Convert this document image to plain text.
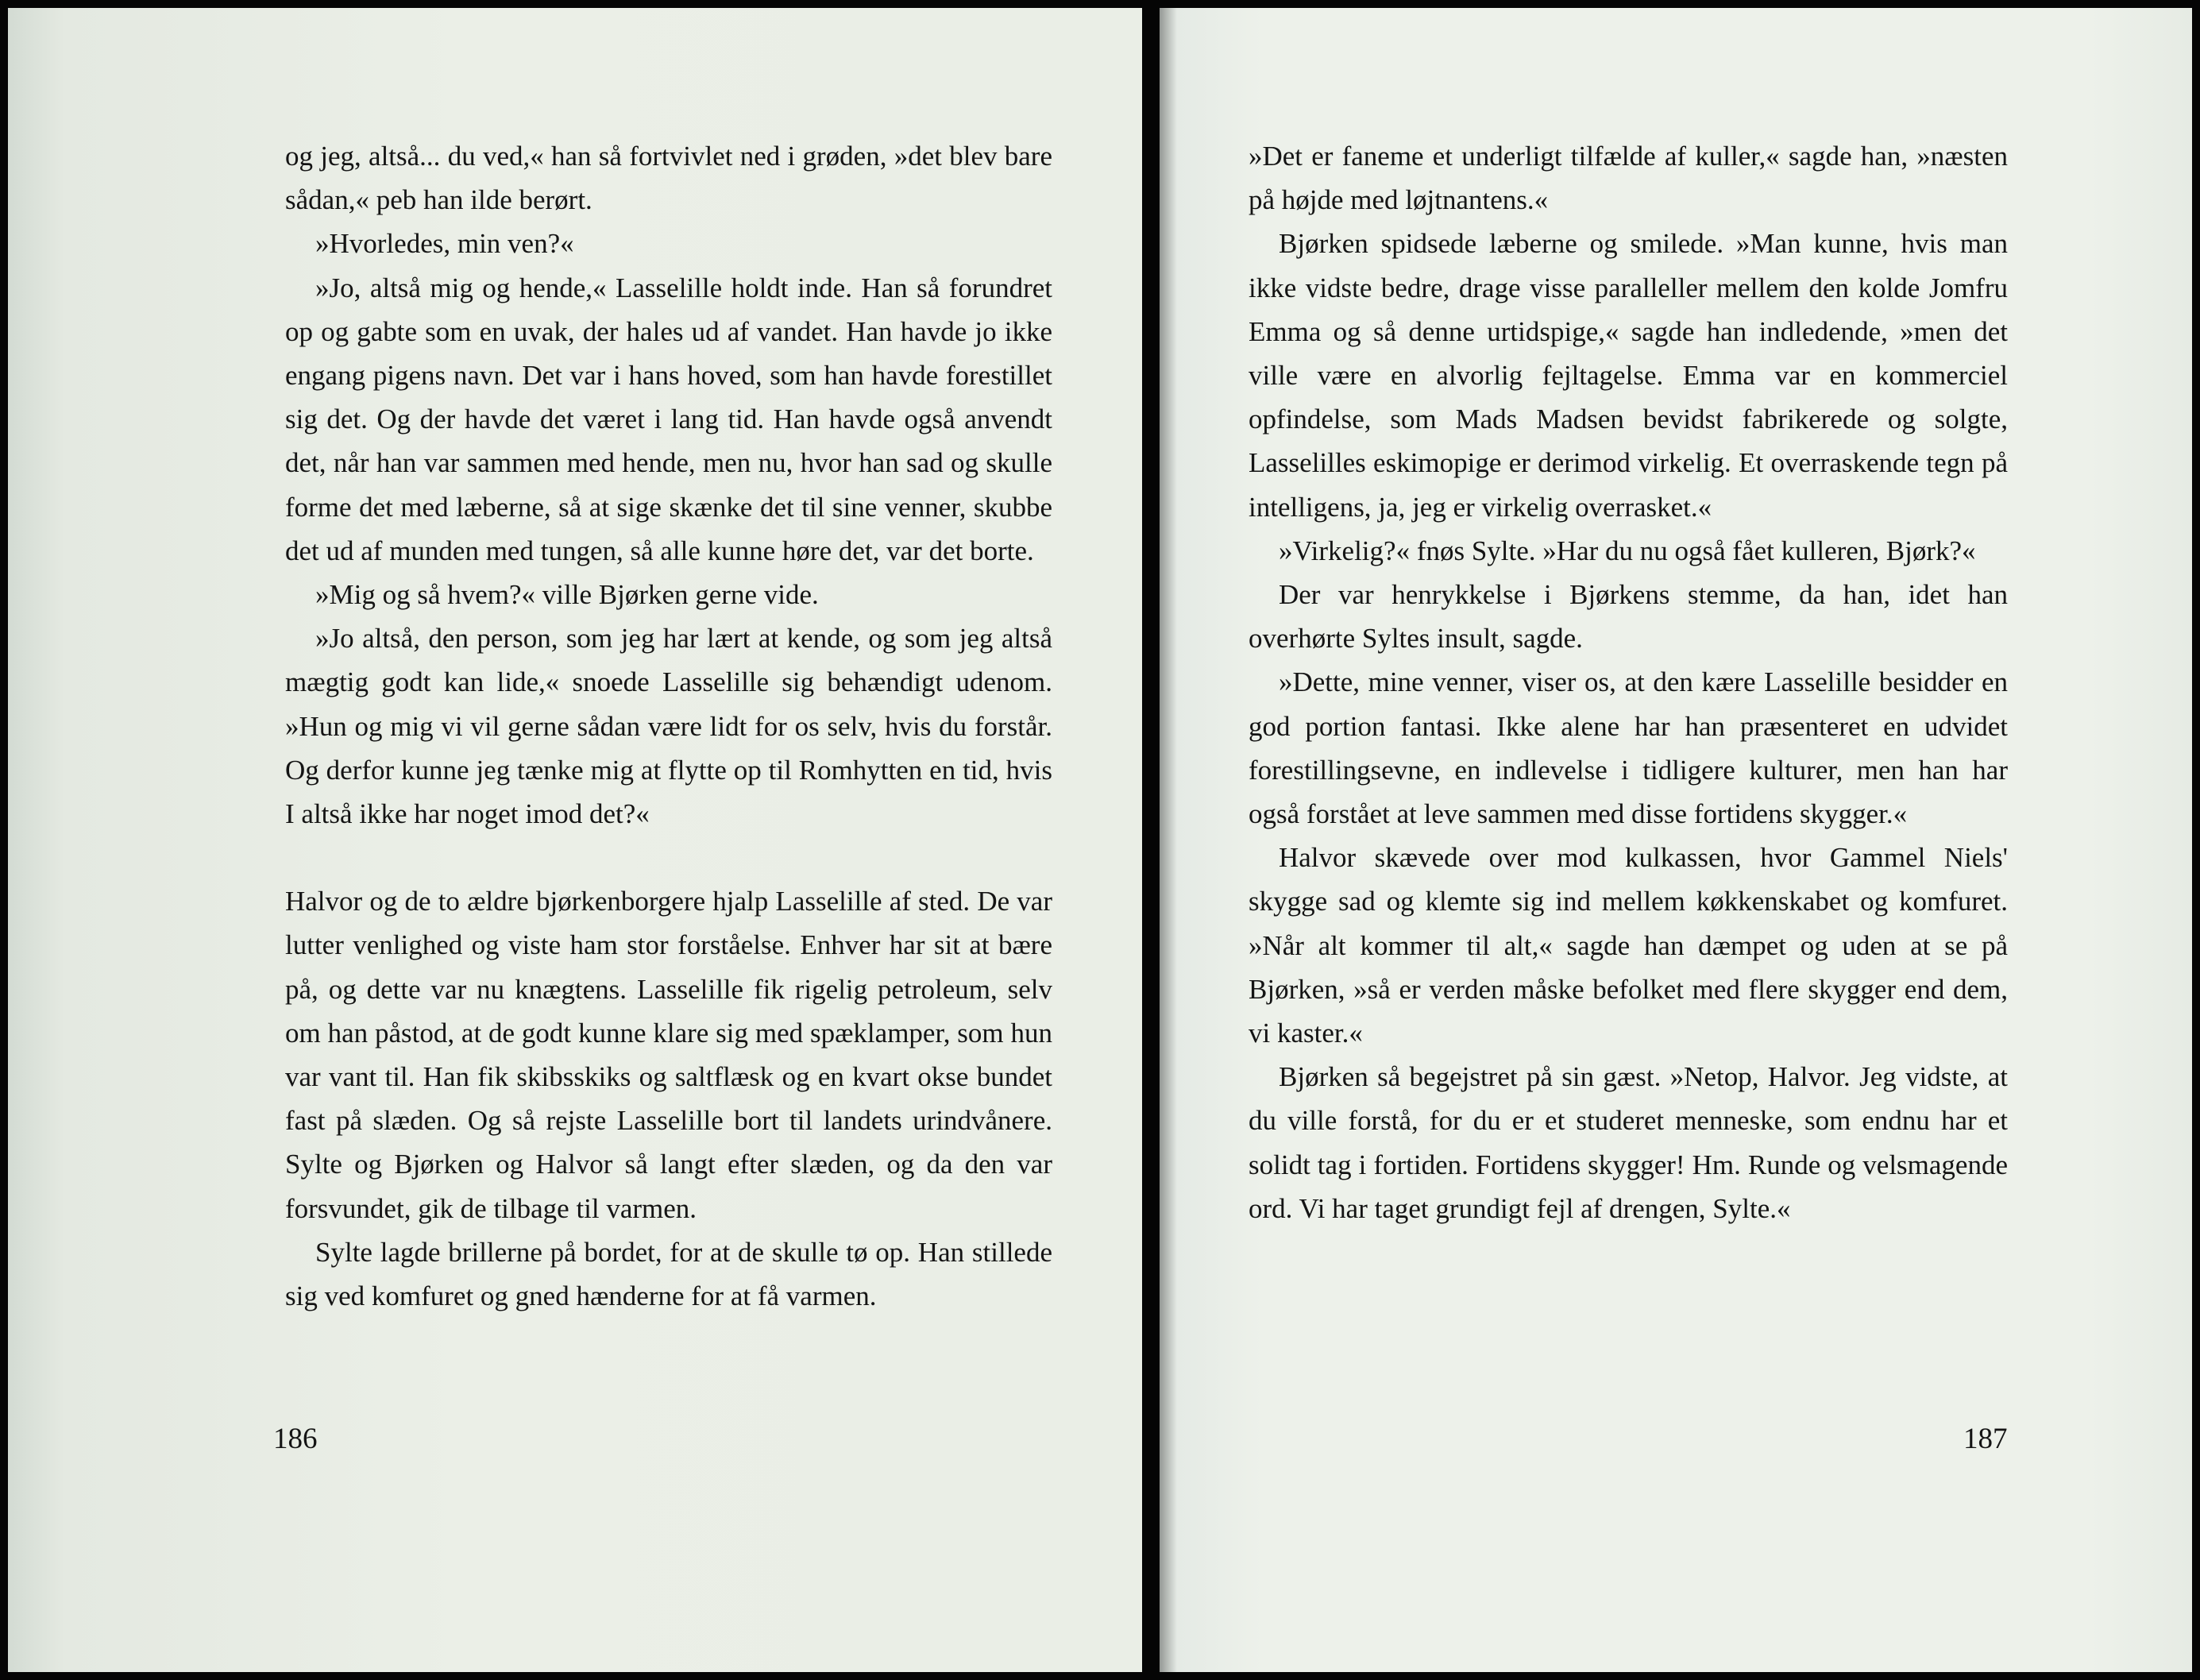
og jeg, altså... du ved,« han så fortvivlet ned i grøden, »det blev bare sådan,« peb han ilde berørt.

»Hvorledes, min ven?«

»Jo, altså mig og hende,« Lasselille holdt inde. Han så forundret op og gabte som en uvak, der hales ud af vandet. Han havde jo ikke engang pigens navn. Det var i hans hoved, som han havde forestillet sig det. Og der havde det været i lang tid. Han havde også anvendt det, når han var sammen med hende, men nu, hvor han sad og skulle forme det med læberne, så at sige skænke det til sine venner, skubbe det ud af munden med tungen, så alle kunne høre det, var det borte.

»Mig og så hvem?« ville Bjørken gerne vide.

»Jo altså, den person, som jeg har lært at kende, og som jeg altså mægtig godt kan lide,« snoede Lasselille sig behændigt udenom. »Hun og mig vi vil gerne sådan være lidt for os selv, hvis du forstår. Og derfor kunne jeg tænke mig at flytte op til Romhytten en tid, hvis I altså ikke har noget imod det?«

Halvor og de to ældre bjørkenborgere hjalp Lasselille af sted. De var lutter venlighed og viste ham stor forståelse. Enhver har sit at bære på, og dette var nu knægtens. Lasselille fik rigelig petroleum, selv om han påstod, at de godt kunne klare sig med spæklamper, som hun var vant til. Han fik skibsskiks og saltflæsk og en kvart okse bundet fast på slæden. Og så rejste Lasselille bort til landets urindvånere. Sylte og Bjørken og Halvor så langt efter slæden, og da den var forsvundet, gik de tilbage til varmen.

Sylte lagde brillerne på bordet, for at de skulle tø op. Han stillede sig ved komfuret og gned hænderne for at få varmen.

186

»Det er faneme et underligt tilfælde af kuller,« sagde han, »næsten på højde med løjtnantens.«

Bjørken spidsede læberne og smilede. »Man kunne, hvis man ikke vidste bedre, drage visse paralleller mellem den kolde Jomfru Emma og så denne urtidspige,« sagde han indledende, »men det ville være en alvorlig fejltagelse. Emma var en kommerciel opfindelse, som Mads Madsen bevidst fabrikerede og solgte, Lasselilles eskimopige er derimod virkelig. Et overraskende tegn på intelligens, ja, jeg er virkelig overrasket.«

»Virkelig?« fnøs Sylte. »Har du nu også fået kulleren, Bjørk?«

Der var henrykkelse i Bjørkens stemme, da han, idet han overhørte Syltes insult, sagde.

»Dette, mine venner, viser os, at den kære Lasselille besidder en god portion fantasi. Ikke alene har han præsenteret en udvidet forestillingsevne, en indlevelse i tidligere kulturer, men han har også forstået at leve sammen med disse fortidens skygger.«

Halvor skævede over mod kulkassen, hvor Gammel Niels' skygge sad og klemte sig ind mellem køkkenskabet og komfuret. »Når alt kommer til alt,« sagde han dæmpet og uden at se på Bjørken, »så er verden måske befolket med flere skygger end dem, vi kaster.«

Bjørken så begejstret på sin gæst. »Netop, Halvor. Jeg vidste, at du ville forstå, for du er et studeret menneske, som endnu har et solidt tag i fortiden. Fortidens skygger! Hm. Runde og velsmagende ord. Vi har taget grundigt fejl af drengen, Sylte.«

187
